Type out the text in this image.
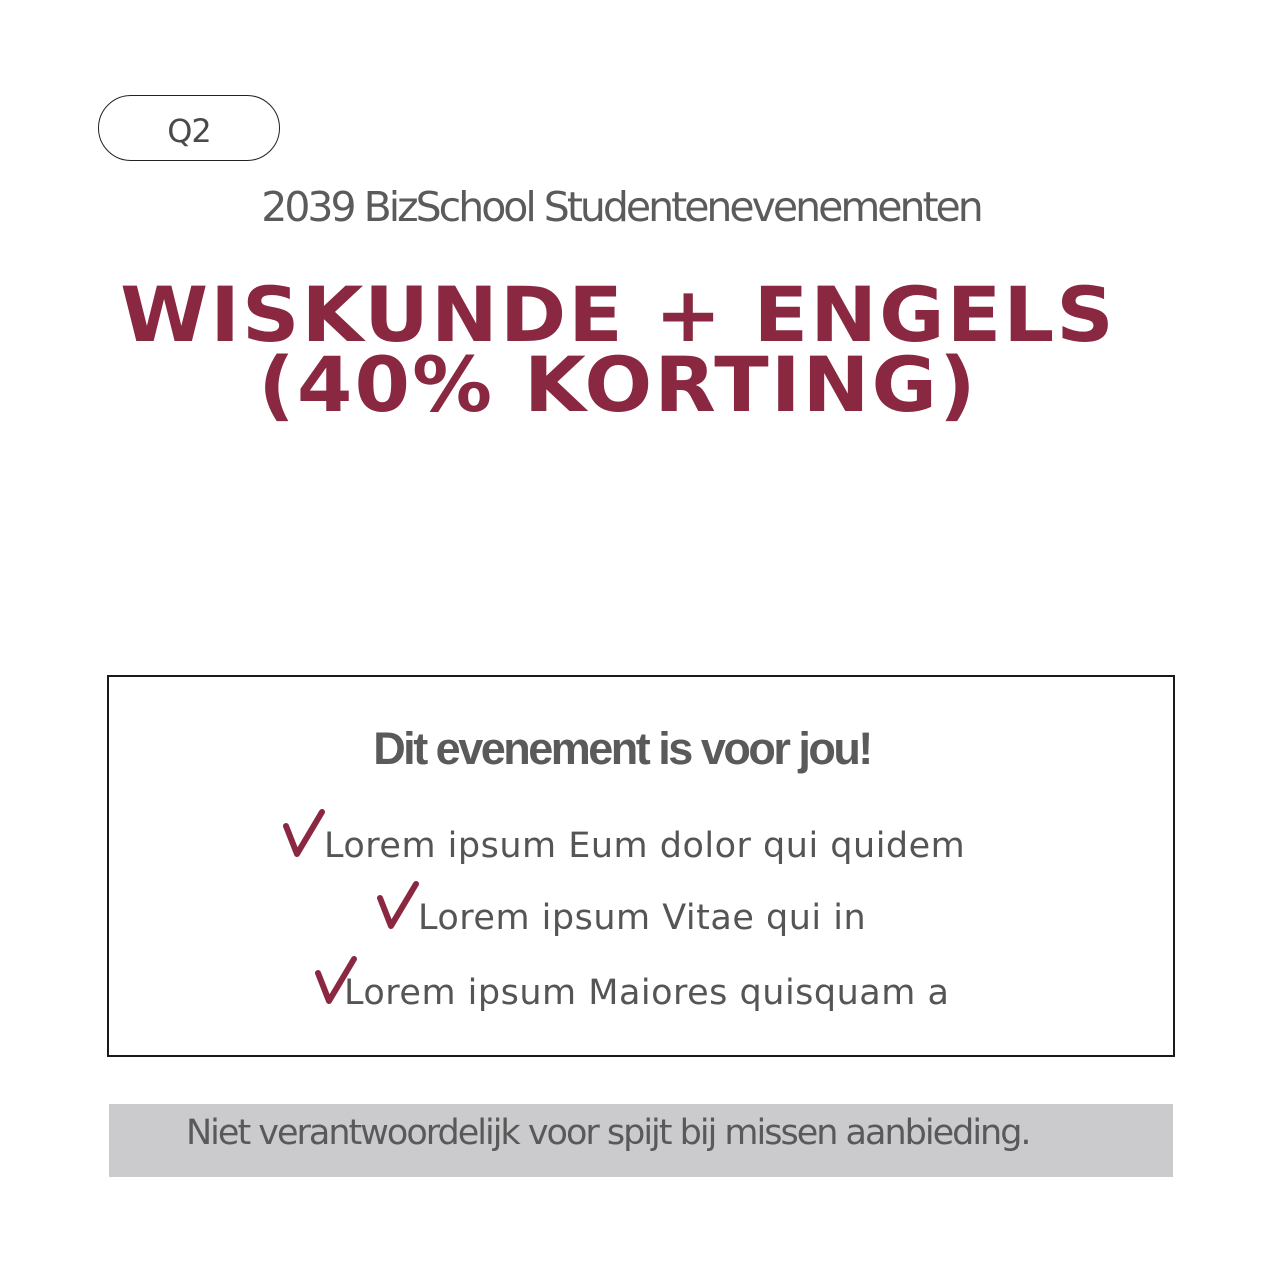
Q2
2039 BizSchool Studentenevenementen
WISKUNDE + ENGELS
(40% KORTING)
Dit evenement is voor jou!
Lorem ipsum Eum dolor qui quidem
Lorem ipsum Vitae qui in
Lorem ipsum Maiores quisquam a
Niet verantwoordelijk voor spijt bij missen aanbieding.
